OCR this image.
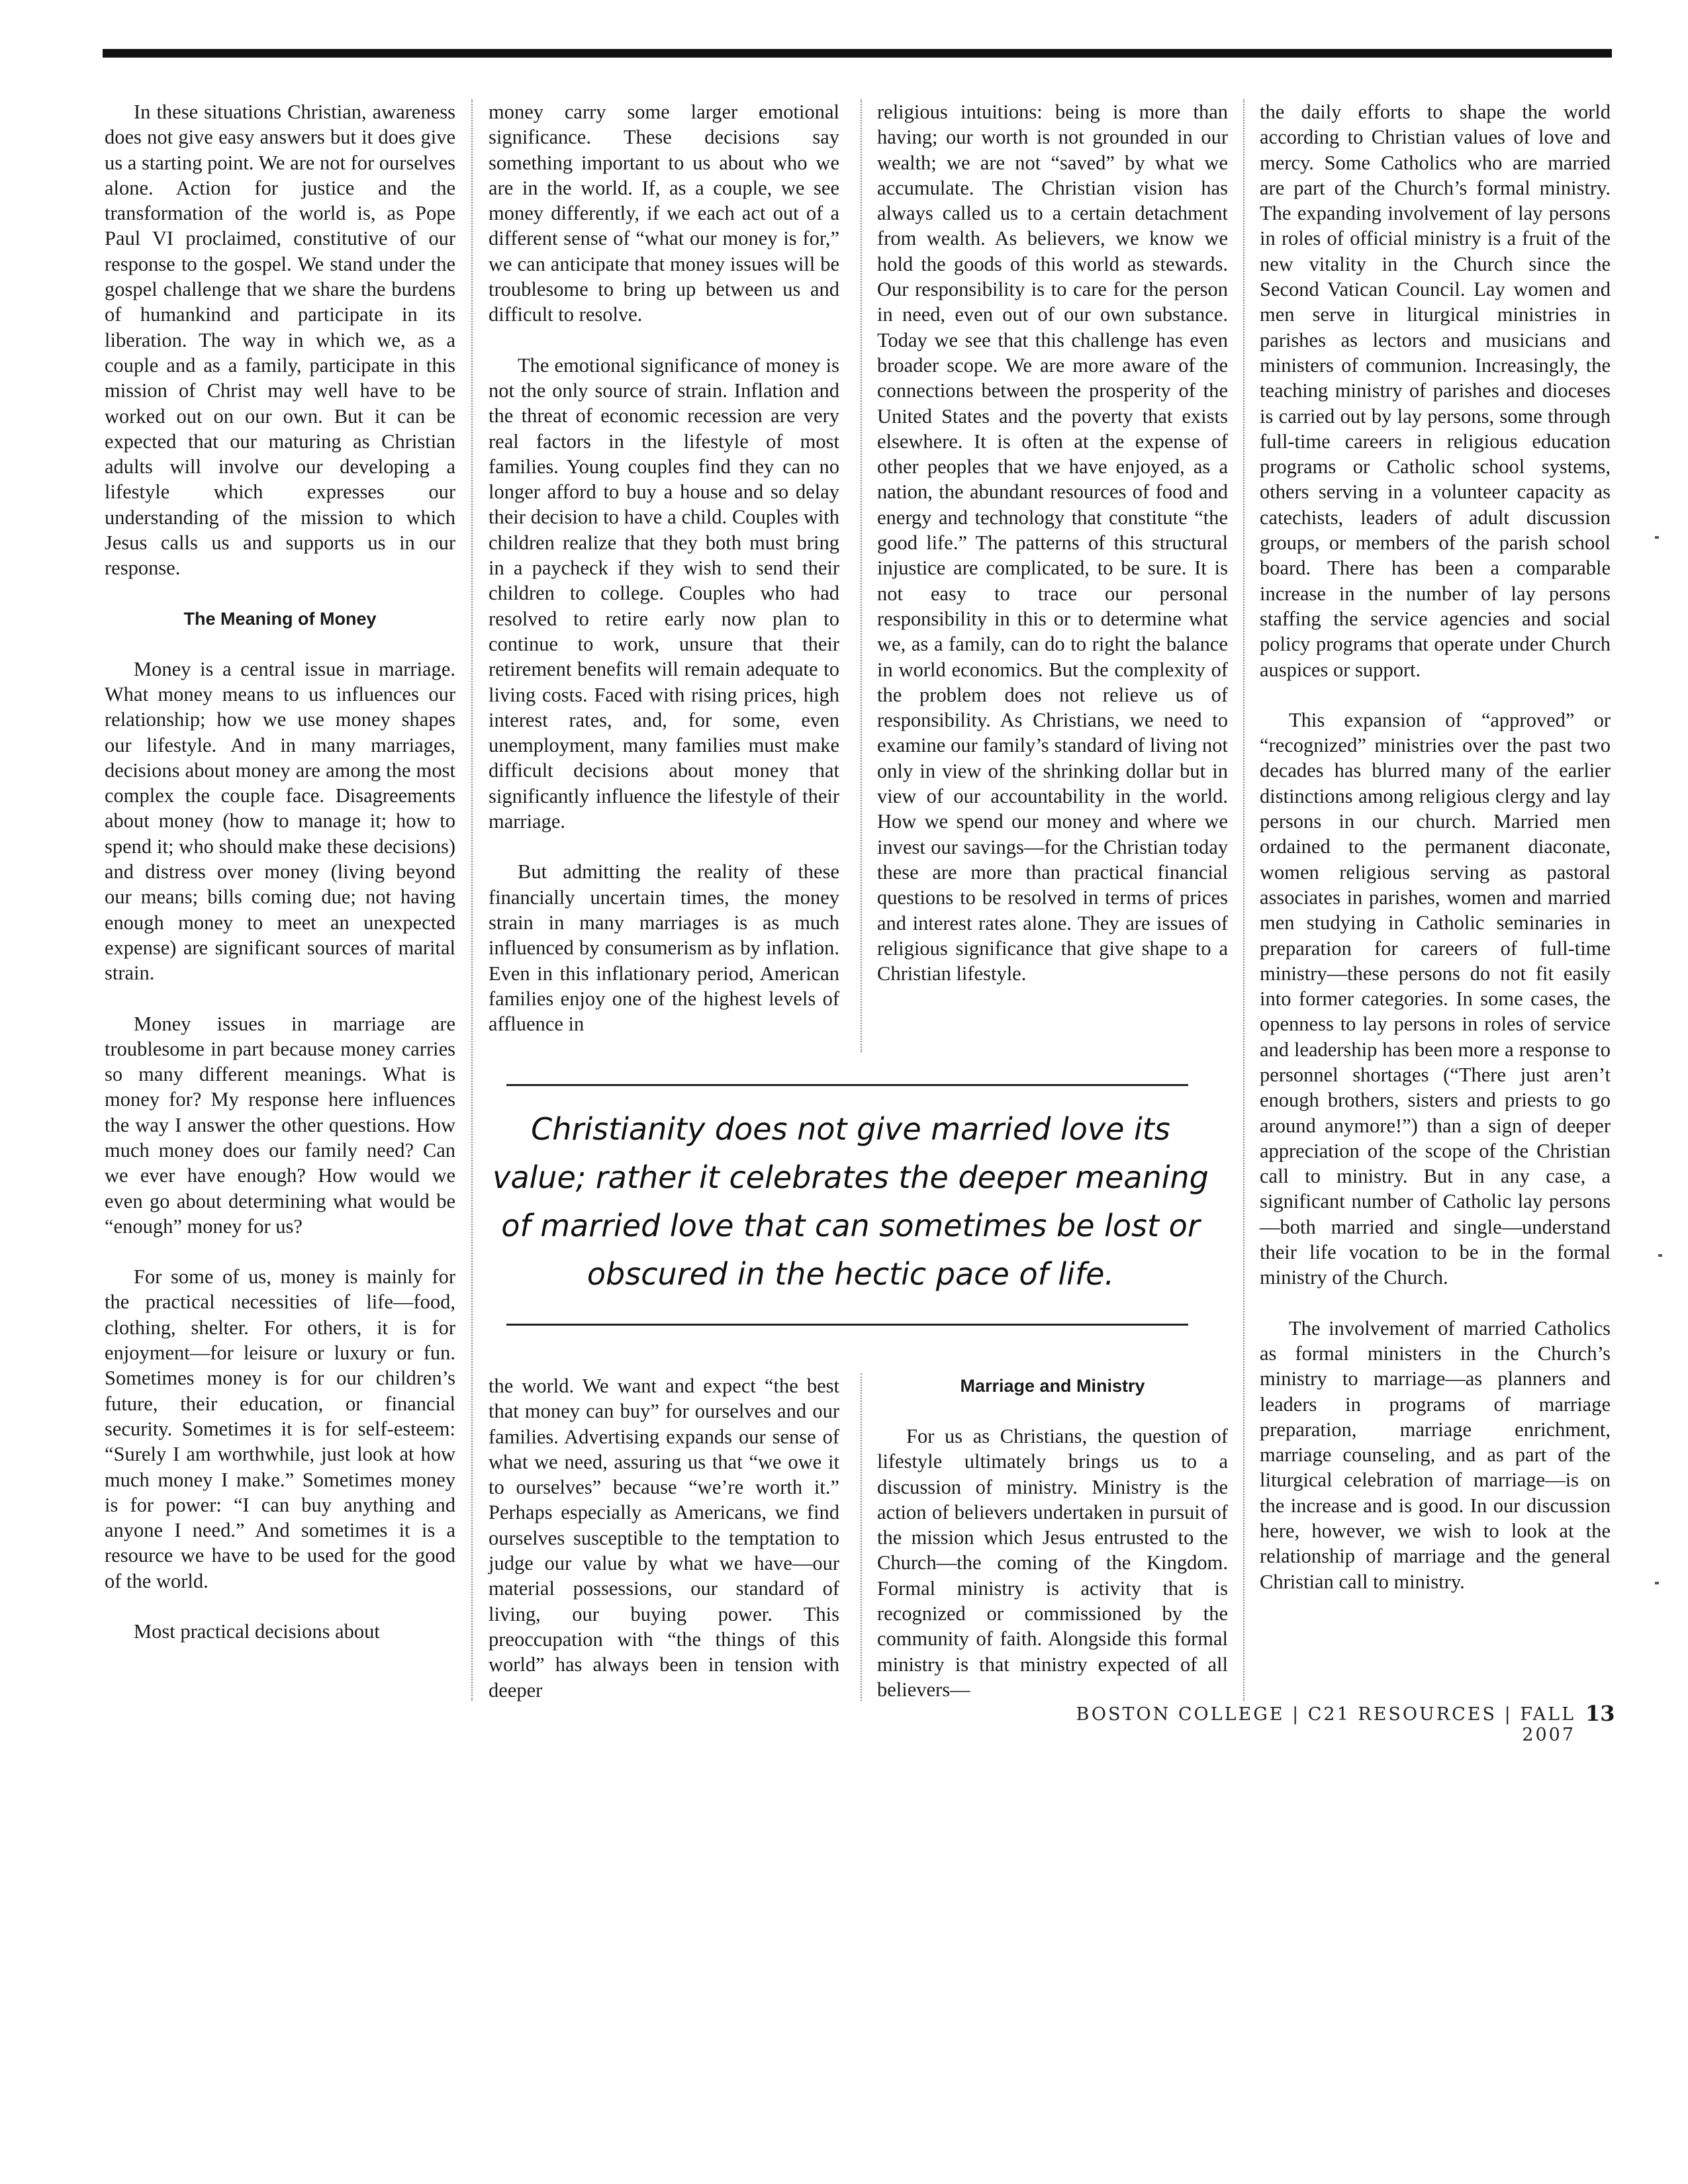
In these situations Christian, awareness does not give easy answers but it does give us a starting point. We are not for ourselves alone. Action for justice and the transformation of the world is, as Pope Paul VI proclaimed, constitutive of our response to the gospel. We stand under the gospel challenge that we share the burdens of humankind and participate in its liberation. The way in which we, as a couple and as a family, participate in this mission of Christ may well have to be worked out on our own. But it can be expected that our maturing as Christian adults will involve our developing a lifestyle which expresses our understanding of the mission to which Jesus calls us and supports us in our response.

The Meaning of Money

Money is a central issue in marriage. What money means to us influences our relationship; how we use money shapes our lifestyle. And in many marriages, decisions about money are among the most complex the couple face. Disagreements about money (how to manage it; how to spend it; who should make these decisions) and distress over money (living beyond our means; bills coming due; not having enough money to meet an unexpected expense) are significant sources of marital strain.

Money issues in marriage are troublesome in part because money carries so many different meanings. What is money for? My response here influences the way I answer the other questions. How much money does our family need? Can we ever have enough? How would we even go about determining what would be “enough” money for us?

For some of us, money is mainly for the practical necessities of life—food, clothing, shelter. For others, it is for enjoyment—for leisure or luxury or fun. Sometimes money is for our children’s future, their education, or financial security. Sometimes it is for self-esteem: “Surely I am worthwhile, just look at how much money I make.” Sometimes money is for power: “I can buy anything and anyone I need.” And sometimes it is a resource we have to be used for the good of the world.

Most practical decisions about

money carry some larger emotional significance. These decisions say something important to us about who we are in the world. If, as a couple, we see money differently, if we each act out of a different sense of “what our money is for,” we can anticipate that money issues will be troublesome to bring up between us and difficult to resolve.

The emotional significance of money is not the only source of strain. Inflation and the threat of economic recession are very real factors in the lifestyle of most families. Young couples find they can no longer afford to buy a house and so delay their decision to have a child. Couples with children realize that they both must bring in a paycheck if they wish to send their children to college. Couples who had resolved to retire early now plan to continue to work, unsure that their retirement benefits will remain adequate to living costs. Faced with rising prices, high interest rates, and, for some, even unemployment, many families must make difficult decisions about money that significantly influence the lifestyle of their marriage.

But admitting the reality of these financially uncertain times, the money strain in many marriages is as much influenced by consumerism as by inflation. Even in this inflationary period, American families enjoy one of the highest levels of affluence in

religious intuitions: being is more than having; our worth is not grounded in our wealth; we are not “saved” by what we accumulate. The Christian vision has always called us to a certain detachment from wealth. As believers, we know we hold the goods of this world as stewards. Our responsibility is to care for the person in need, even out of our own substance. Today we see that this challenge has even broader scope. We are more aware of the connections between the prosperity of the United States and the poverty that exists elsewhere. It is often at the expense of other peoples that we have enjoyed, as a nation, the abundant resources of food and energy and technology that constitute “the good life.” The patterns of this structural injustice are complicated, to be sure. It is not easy to trace our personal responsibility in this or to determine what we, as a family, can do to right the balance in world economics. But the complexity of the problem does not relieve us of responsibility. As Christians, we need to examine our family’s standard of living not only in view of the shrinking dollar but in view of our accountability in the world. How we spend our money and where we invest our savings—for the Christian today these are more than practical financial questions to be resolved in terms of prices and interest rates alone. They are issues of religious significance that give shape to a Christian lifestyle.

the daily efforts to shape the world according to Christian values of love and mercy. Some Catholics who are married are part of the Church’s formal ministry. The expanding involvement of lay persons in roles of official ministry is a fruit of the new vitality in the Church since the Second Vatican Council. Lay women and men serve in liturgical ministries in parishes as lectors and musicians and ministers of communion. Increasingly, the teaching ministry of parishes and dioceses is carried out by lay persons, some through full-time careers in religious education programs or Catholic school systems, others serving in a volunteer capacity as catechists, leaders of adult discussion groups, or members of the parish school board. There has been a comparable increase in the number of lay persons staffing the service agencies and social policy programs that operate under Church auspices or support.

This expansion of “approved” or “recognized” ministries over the past two decades has blurred many of the earlier distinctions among religious clergy and lay persons in our church. Married men ordained to the permanent diaconate, women religious serving as pastoral associates in parishes, women and married men studying in Catholic seminaries in preparation for careers of full-time ministry—these persons do not fit easily into former categories. In some cases, the openness to lay persons in roles of service and leadership has been more a response to personnel shortages (“There just aren’t enough brothers, sisters and priests to go around anymore!”) than a sign of deeper appreciation of the scope of the Christian call to ministry. But in any case, a significant number of Catholic lay persons—both married and single—understand their life vocation to be in the formal ministry of the Church.

The involvement of married Catholics as formal ministers in the Church’s ministry to marriage—as planners and leaders in programs of marriage preparation, marriage enrichment, marriage counseling, and as part of the liturgical celebration of marriage—is on the increase and is good. In our discussion here, however, we wish to look at the relationship of marriage and the general Christian call to ministry.

Christianity does not give married love its value; rather it celebrates the deeper meaning of married love that can sometimes be lost or obscured in the hectic pace of life.

the world. We want and expect “the best that money can buy” for ourselves and our families. Advertising expands our sense of what we need, assuring us that “we owe it to ourselves” because “we’re worth it.” Perhaps especially as Americans, we find ourselves susceptible to the temptation to judge our value by what we have—our material possessions, our standard of living, our buying power. This preoccupation with “the things of this world” has always been in tension with deeper

Marriage and Ministry

For us as Christians, the question of lifestyle ultimately brings us to a discussion of ministry. Ministry is the action of believers undertaken in pursuit of the mission which Jesus entrusted to the Church—the coming of the Kingdom. Formal ministry is activity that is recognized or commissioned by the community of faith. Alongside this formal ministry is that ministry expected of all believers—

BOSTON COLLEGE | C21 RESOURCES | FALL 2007
13
